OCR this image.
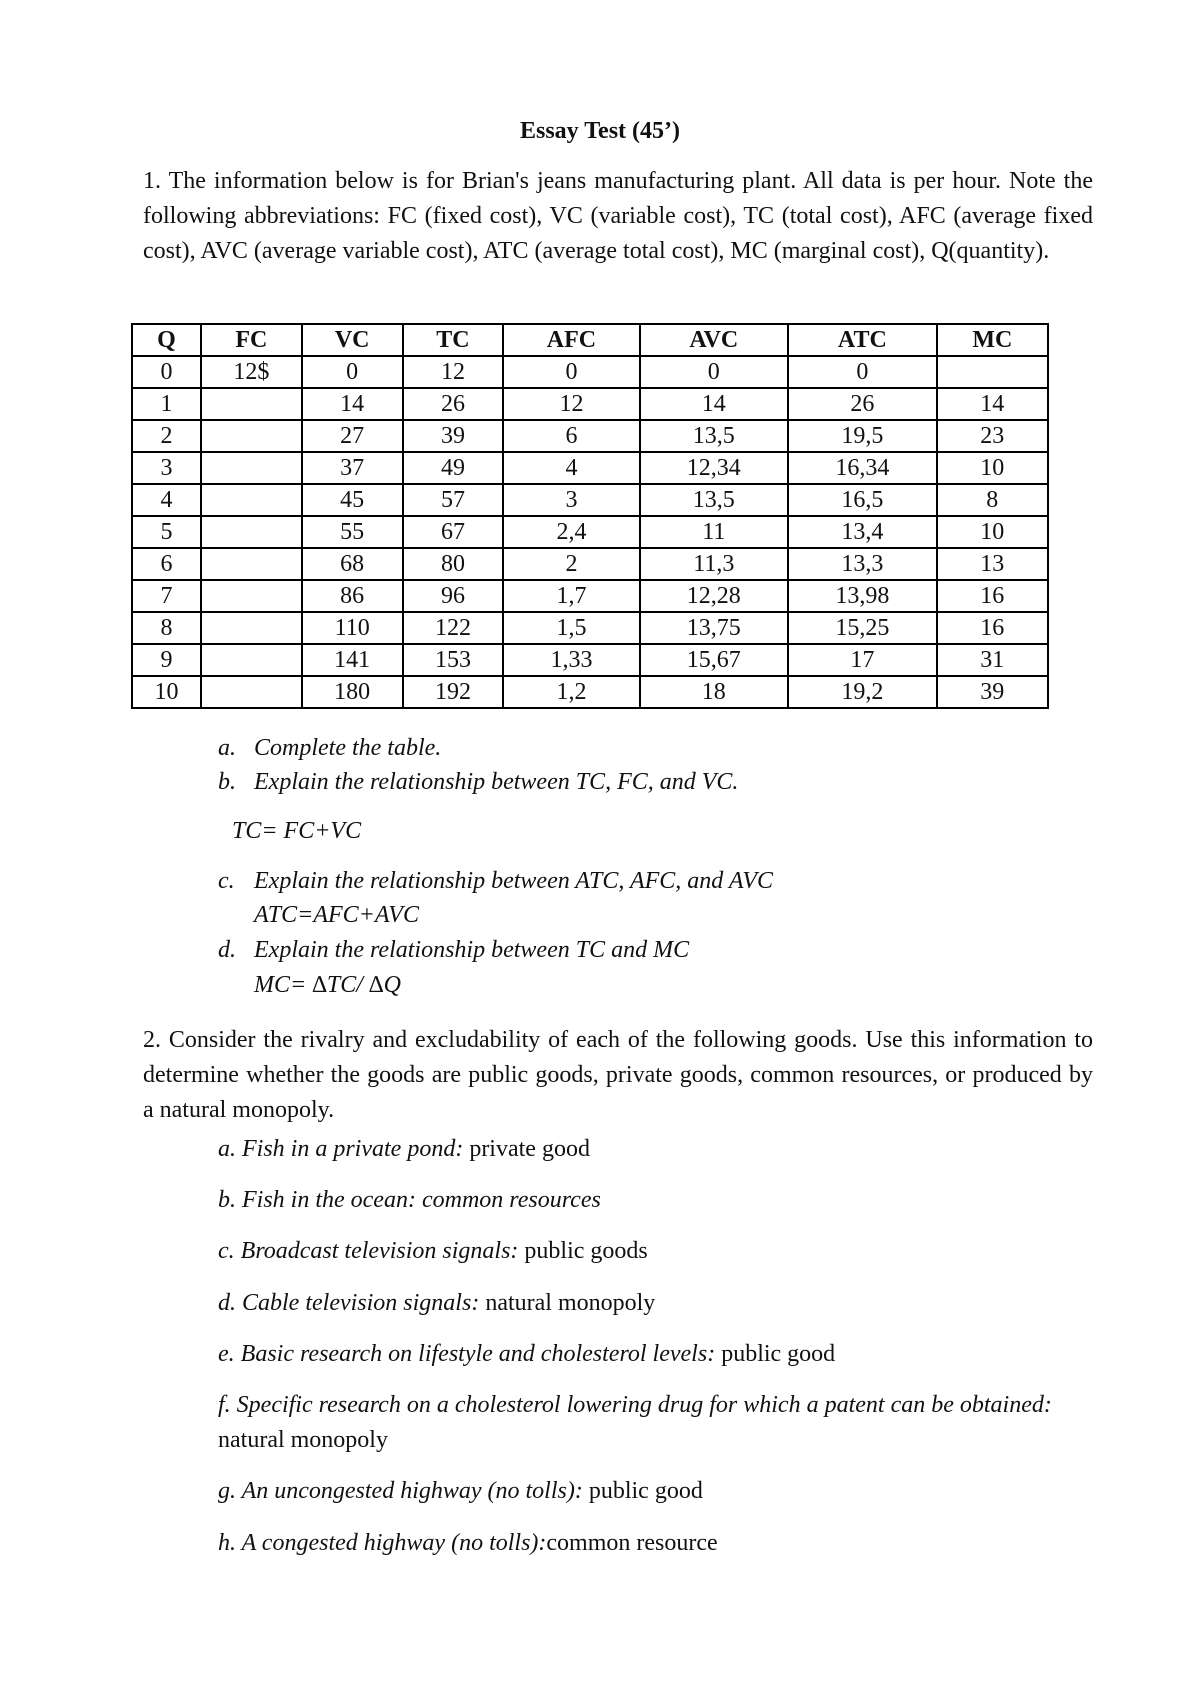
Essay Test (45’)
1. The information below is for Brian's jeans manufacturing plant. All data is per hour. Note the following abbreviations: FC (fixed cost), VC (variable cost), TC (total cost), AFC (average fixed cost), AVC (average variable cost), ATC (average total cost), MC (marginal cost), Q(quantity).
Q	FC	VC	TC	AFC	AVC	ATC	MC
0	12$	0	12	0	0	0	
1		14	26	12	14	26	14
2		27	39	6	13,5	19,5	23
3		37	49	4	12,34	16,34	10
4		45	57	3	13,5	16,5	8
5		55	67	2,4	11	13,4	10
6		68	80	2	11,3	13,3	13
7		86	96	1,7	12,28	13,98	16
8		110	122	1,5	13,75	15,25	16
9		141	153	1,33	15,67	17	31
10		180	192	1,2	18	19,2	39
a. Complete the table.
b. Explain the relationship between TC, FC, and VC.
TC= FC+VC
c. Explain the relationship between ATC, AFC, and AVC
ATC=AFC+AVC
d. Explain the relationship between TC and MC
MC= ∆TC/ ∆Q
2. Consider the rivalry and excludability of each of the following goods. Use this information to determine whether the goods are public goods, private goods, common resources, or produced by a natural monopoly.
a. Fish in a private pond: private good
b. Fish in the ocean: common resources
c. Broadcast television signals: public goods
d. Cable television signals: natural monopoly
e. Basic research on lifestyle and cholesterol levels: public good
f. Specific research on a cholesterol lowering drug for which a patent can be obtained: natural monopoly
g. An uncongested highway (no tolls): public good
h. A congested highway (no tolls):common resource
